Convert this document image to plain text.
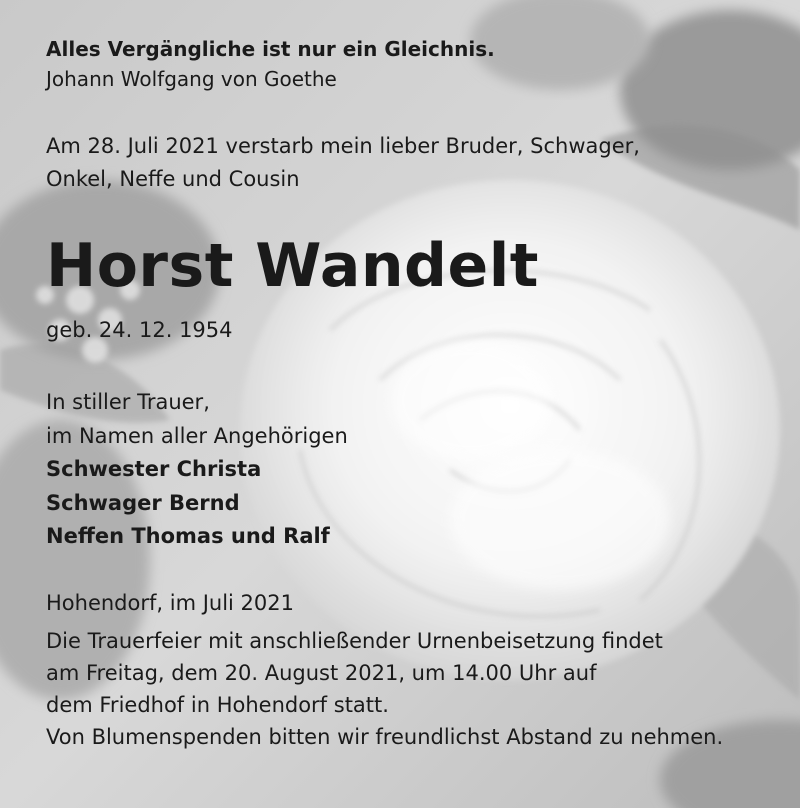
Alles Vergängliche ist nur ein Gleichnis.
Johann Wolfgang von Goethe

Am 28. Juli 2021 verstarb mein lieber Bruder, Schwager,
Onkel, Neffe und Cousin

Horst Wandelt

geb. 24. 12. 1954

In stiller Trauer,
im Namen aller Angehörigen
Schwester Christa
Schwager Bernd
Neffen Thomas und Ralf

Hohendorf, im Juli 2021

Die Trauerfeier mit anschließender Urnenbeisetzung findet
am Freitag, dem 20. August 2021, um 14.00 Uhr auf
dem Friedhof in Hohendorf statt.
Von Blumenspenden bitten wir freundlichst Abstand zu nehmen.
